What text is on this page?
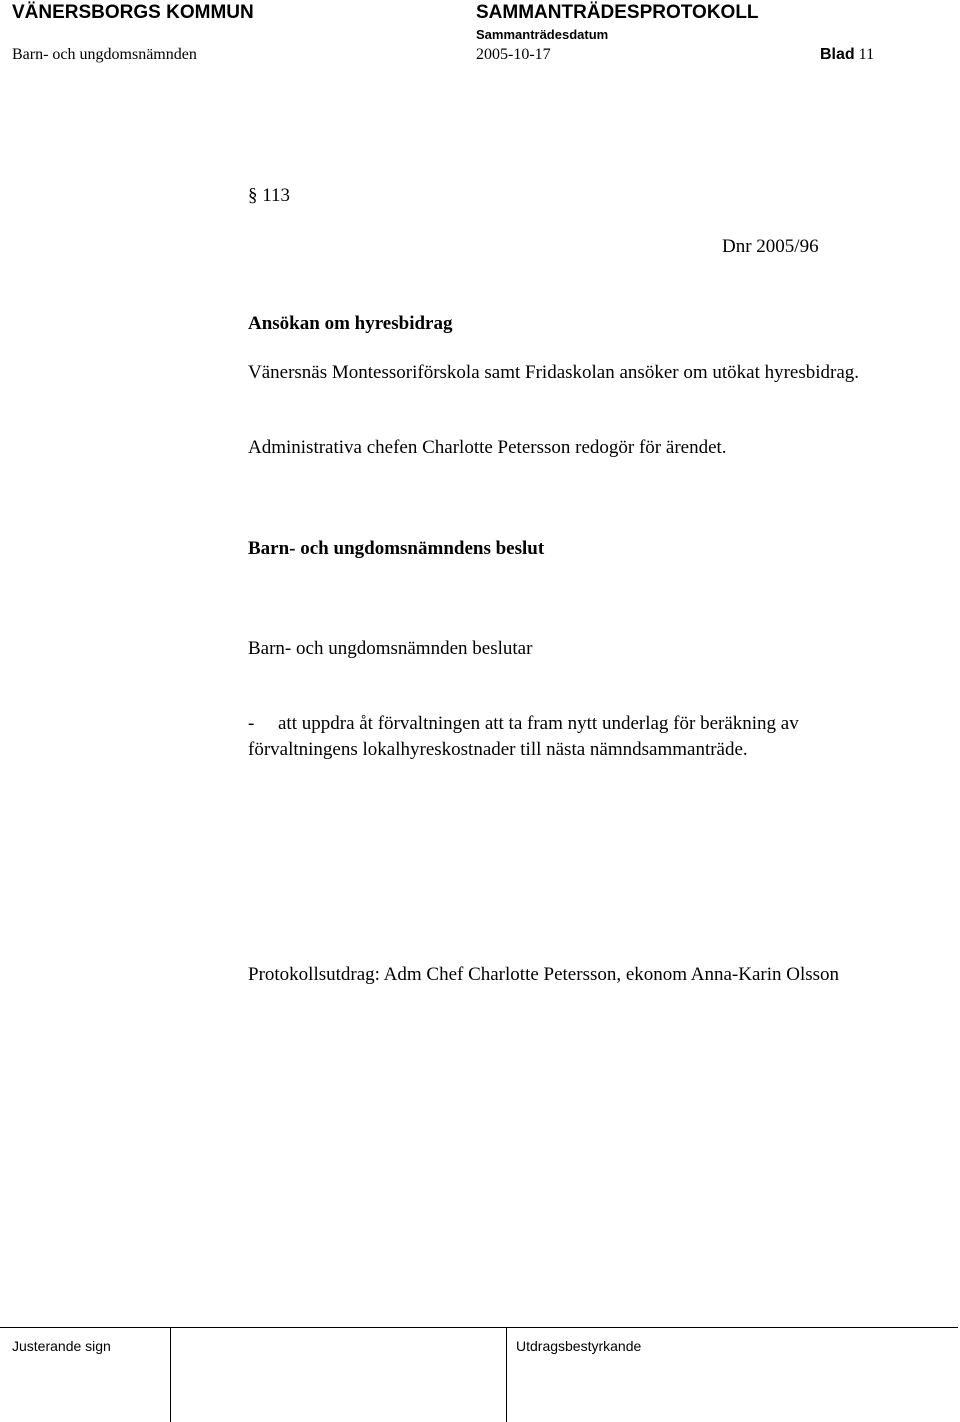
VÄNERSBORGS KOMMUN	SAMMANTRÄDESPROTOKOLL
Sammanträdesdatum
Barn- och ungdomsnämnden	2005-10-17	Blad 11
§ 113
Dnr 2005/96
Ansökan om hyresbidrag
Vänersnäs Montessoriförskola samt Fridaskolan ansöker om utökat hyresbidrag.
Administrativa chefen Charlotte Petersson redogör för ärendet.
Barn- och ungdomsnämndens beslut
Barn- och ungdomsnämnden beslutar
- att uppdra åt förvaltningen att ta fram nytt underlag för beräkning av förvaltningens lokalhyreskostnader till nästa nämndsammanträde.
Protokollsutdrag: Adm Chef Charlotte Petersson, ekonom Anna-Karin Olsson
Justerande sign	Utdragsbestyrkande
